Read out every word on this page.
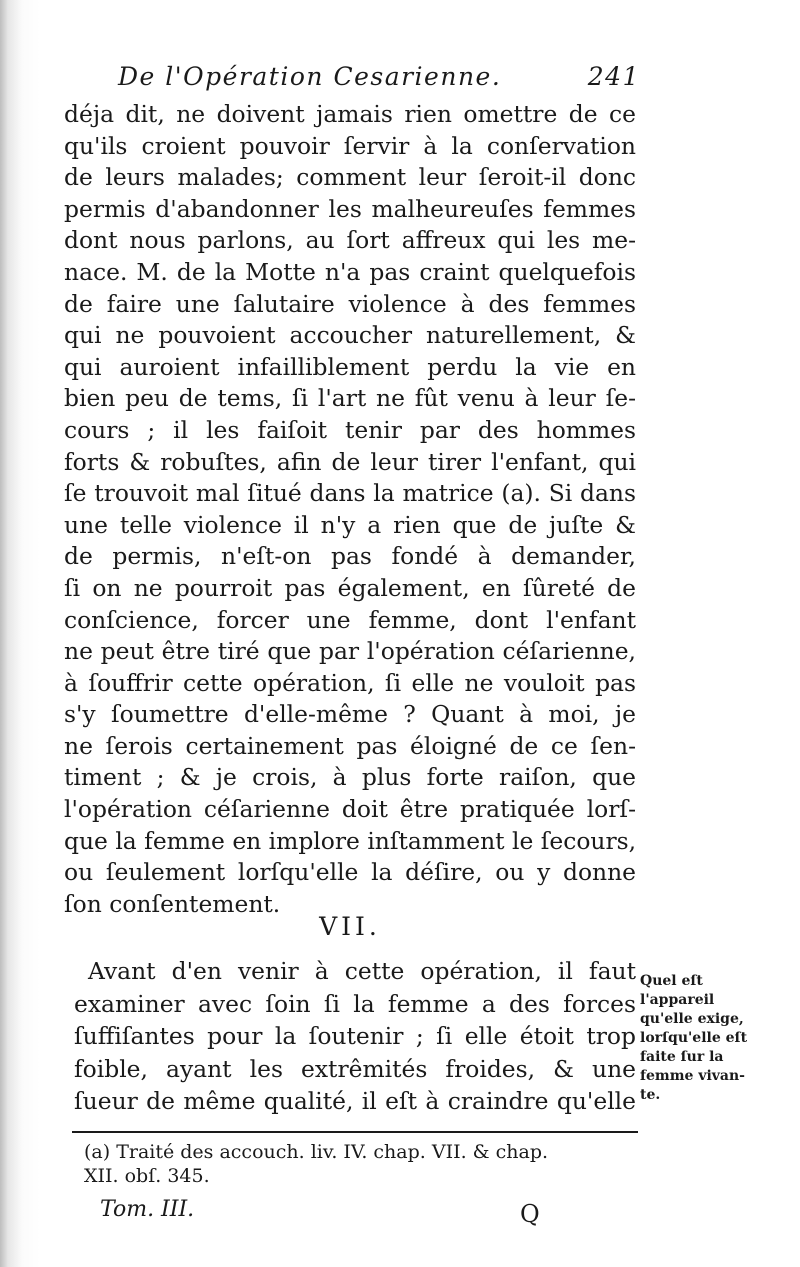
De l'Opération Cesarienne.	241
déja dit, ne doivent jamais rien omettre de ce
qu'ils croient pouvoir ſervir à la conſervation
de leurs malades; comment leur ſeroit-il donc
permis d'abandonner les malheureuſes femmes
dont nous parlons, au ſort affreux qui les me-
nace. M. de la Motte n'a pas craint quelquefois
de faire une ſalutaire violence à des femmes
qui ne pouvoient accoucher naturellement, &
qui auroient infailliblement perdu la vie en
bien peu de tems, ſi l'art ne fût venu à leur ſe-
cours ; il les faiſoit tenir par des hommes
forts & robuſtes, afin de leur tirer l'enfant, qui
ſe trouvoit mal ſitué dans la matrice (a). Si dans
une telle violence il n'y a rien que de juſte &
de permis, n'eſt-on pas fondé à demander,
ſi on ne pourroit pas également, en ſûreté de
conſcience, forcer une femme, dont l'enfant
ne peut être tiré que par l'opération céſarienne,
à ſouffrir cette opération, ſi elle ne vouloit pas
s'y ſoumettre d'elle-même ? Quant à moi, je
ne ſerois certainement pas éloigné de ce ſen-
timent ; & je crois, à plus forte raiſon, que
l'opération céſarienne doit être pratiquée lorſ-
que la femme en implore inſtamment le ſecours,
ou ſeulement lorſqu'elle la déſire, ou y donne
ſon conſentement.
VII.
Avant d'en venir à cette opération, il faut
examiner avec ſoin ſi la femme a des forces
ſuffiſantes pour la ſoutenir ; ſi elle étoit trop
foible, ayant les extrêmités froides, & une
ſueur de même qualité, il eſt à craindre qu'elle
Quel eſt
l'appareil
qu'elle exige,
lorſqu'elle eſt
faite ſur la
femme vivan-
te.
(a) Traité des accouch. liv. IV. chap. VII. & chap.
XII. obſ. 345.
Tom. III.	Q
